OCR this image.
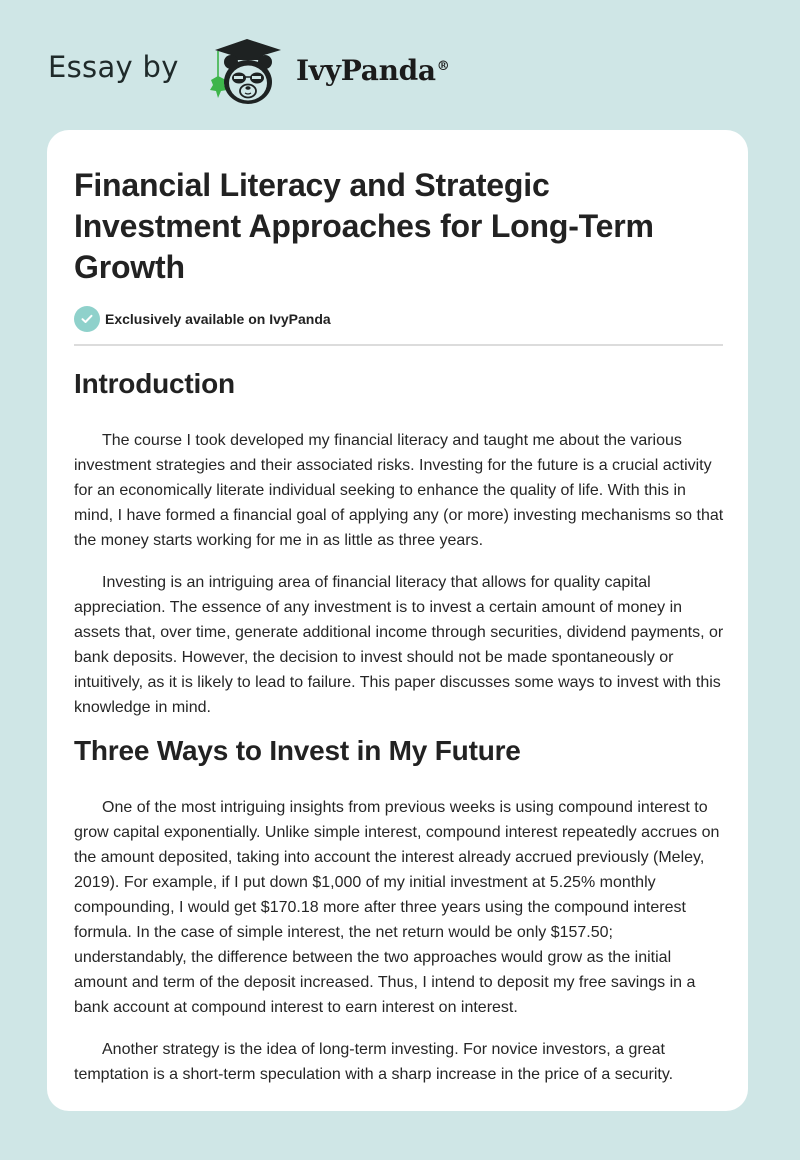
Essay by	IvyPanda®
Financial Literacy and Strategic Investment Approaches for Long-Term Growth
Exclusively available on IvyPanda
Introduction

The course I took developed my financial literacy and taught me about the various investment strategies and their associated risks. Investing for the future is a crucial activity for an economically literate individual seeking to enhance the quality of life. With this in mind, I have formed a financial goal of applying any (or more) investing mechanisms so that the money starts working for me in as little as three years.

Investing is an intriguing area of financial literacy that allows for quality capital appreciation. The essence of any investment is to invest a certain amount of money in assets that, over time, generate additional income through securities, dividend payments, or bank deposits. However, the decision to invest should not be made spontaneously or intuitively, as it is likely to lead to failure. This paper discusses some ways to invest with this knowledge in mind.

Three Ways to Invest in My Future

One of the most intriguing insights from previous weeks is using compound interest to grow capital exponentially. Unlike simple interest, compound interest repeatedly accrues on the amount deposited, taking into account the interest already accrued previously (Meley, 2019). For example, if I put down $1,000 of my initial investment at 5.25% monthly compounding, I would get $170.18 more after three years using the compound interest formula. In the case of simple interest, the net return would be only $157.50; understandably, the difference between the two approaches would grow as the initial amount and term of the deposit increased. Thus, I intend to deposit my free savings in a bank account at compound interest to earn interest on interest.

Another strategy is the idea of long-term investing. For novice investors, a great temptation is a short-term speculation with a sharp increase in the price of a security.
